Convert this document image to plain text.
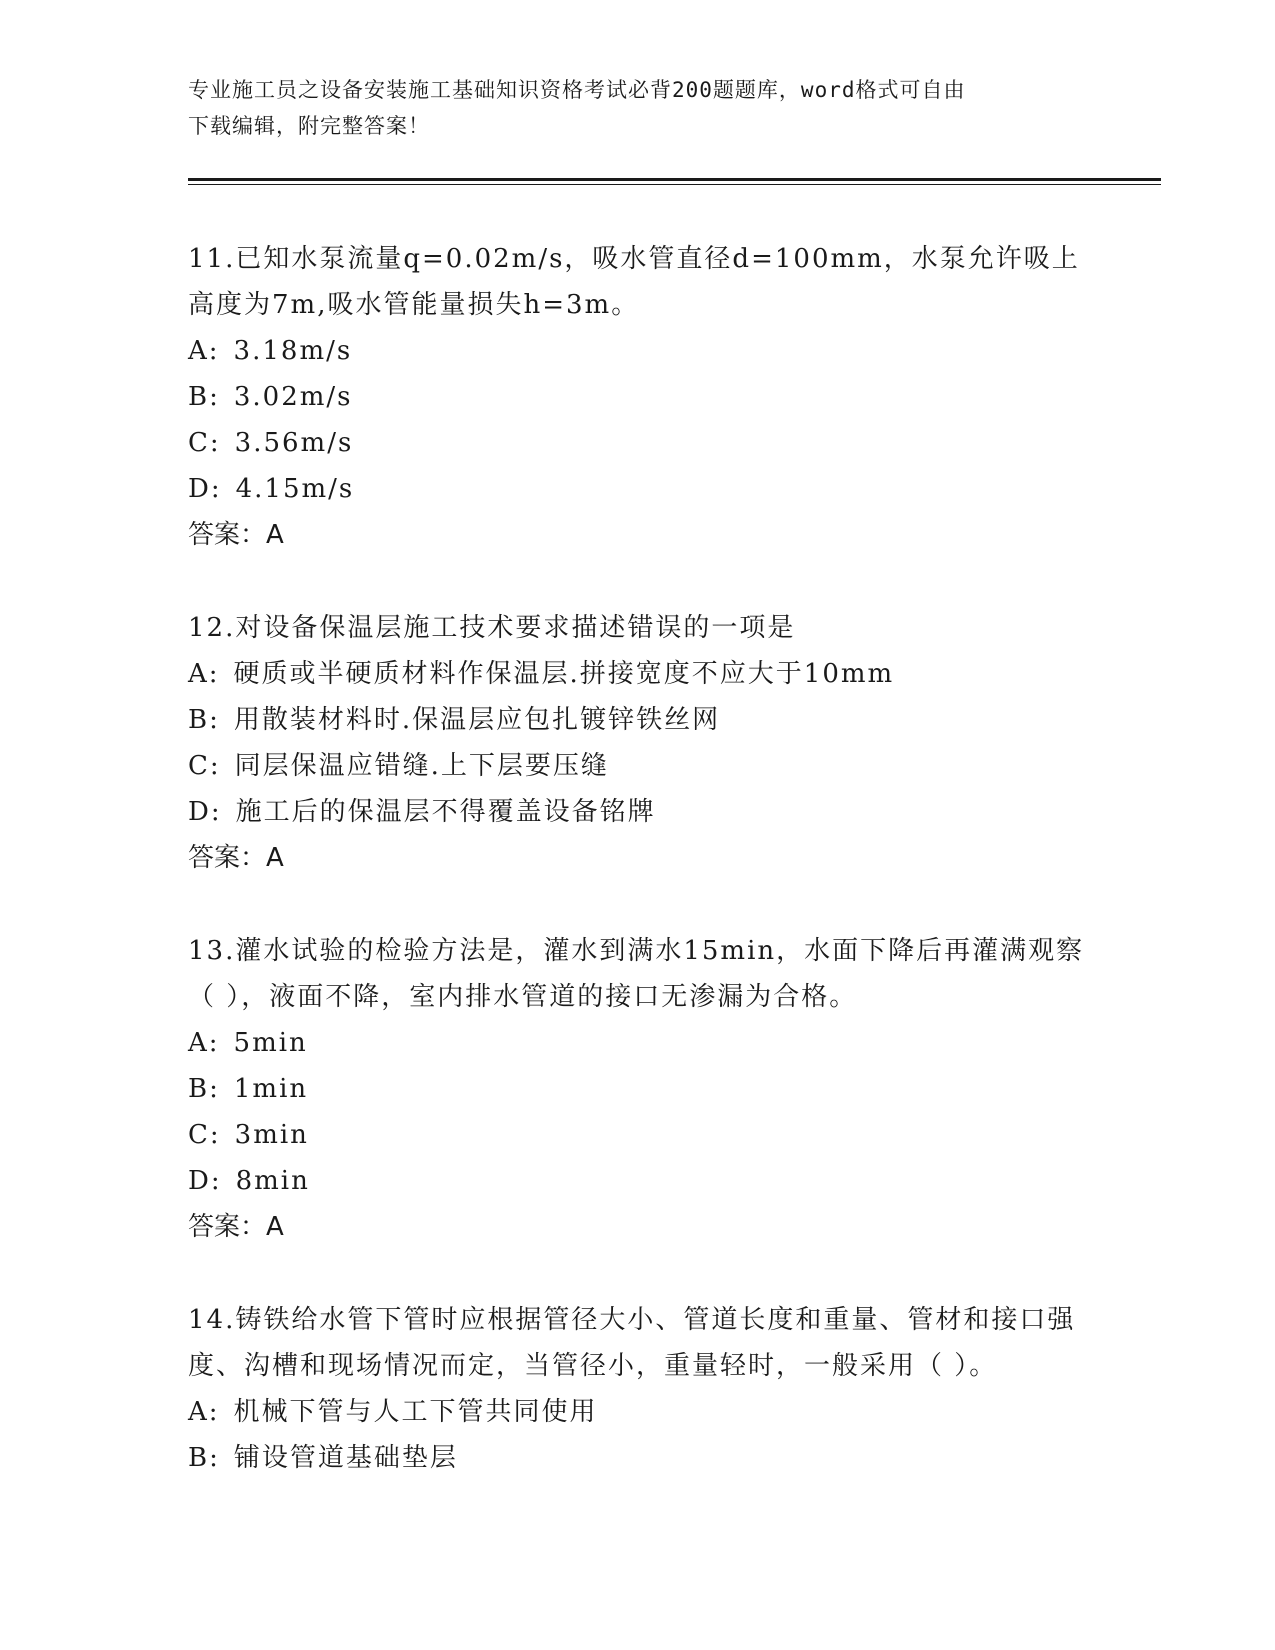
专业施工员之设备安装施工基础知识资格考试必背200题题库，word格式可自由
下载编辑，附完整答案！

11.已知水泵流量q=0.02m/s，吸水管直径d=100mm，水泵允许吸上高度为7m,吸水管能量损失h=3m。

A: 3.18m/s

B: 3.02m/s

C: 3.56m/s

D: 4.15m/s

答案：A

12.对设备保温层施工技术要求描述错误的一项是

A: 硬质或半硬质材料作保温层.拼接宽度不应大于10mm

B: 用散装材料时.保温层应包扎镀锌铁丝网

C: 同层保温应错缝.上下层要压缝

D: 施工后的保温层不得覆盖设备铭牌

答案：A

13.灌水试验的检验方法是，灌水到满水15min，水面下降后再灌满观察（ ），液面不降，室内排水管道的接口无渗漏为合格。

A: 5min

B: 1min

C: 3min

D: 8min

答案：A

14.铸铁给水管下管时应根据管径大小、管道长度和重量、管材和接口强度、沟槽和现场情况而定，当管径小，重量轻时，一般采用（ ）。

A: 机械下管与人工下管共同使用

B: 铺设管道基础垫层
